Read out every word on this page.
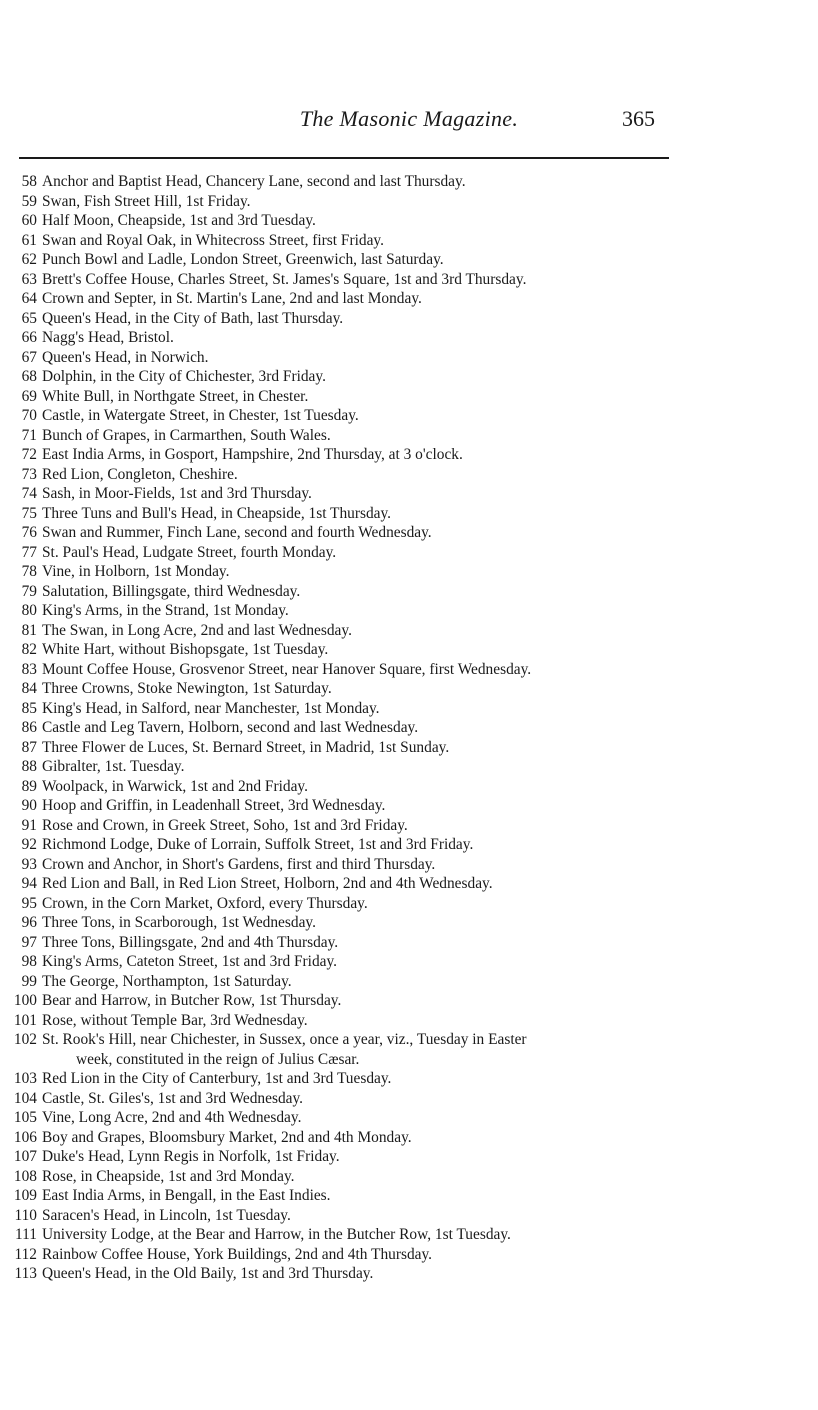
The Masonic Magazine.	365
58 Anchor and Baptist Head, Chancery Lane, second and last Thursday.
59 Swan, Fish Street Hill, 1st Friday.
60 Half Moon, Cheapside, 1st and 3rd Tuesday.
61 Swan and Royal Oak, in Whitecross Street, first Friday.
62 Punch Bowl and Ladle, London Street, Greenwich, last Saturday.
63 Brett's Coffee House, Charles Street, St. James's Square, 1st and 3rd Thursday.
64 Crown and Septer, in St. Martin's Lane, 2nd and last Monday.
65 Queen's Head, in the City of Bath, last Thursday.
66 Nagg's Head, Bristol.
67 Queen's Head, in Norwich.
68 Dolphin, in the City of Chichester, 3rd Friday.
69 White Bull, in Northgate Street, in Chester.
70 Castle, in Watergate Street, in Chester, 1st Tuesday.
71 Bunch of Grapes, in Carmarthen, South Wales.
72 East India Arms, in Gosport, Hampshire, 2nd Thursday, at 3 o'clock.
73 Red Lion, Congleton, Cheshire.
74 Sash, in Moor-Fields, 1st and 3rd Thursday.
75 Three Tuns and Bull's Head, in Cheapside, 1st Thursday.
76 Swan and Rummer, Finch Lane, second and fourth Wednesday.
77 St. Paul's Head, Ludgate Street, fourth Monday.
78 Vine, in Holborn, 1st Monday.
79 Salutation, Billingsgate, third Wednesday.
80 King's Arms, in the Strand, 1st Monday.
81 The Swan, in Long Acre, 2nd and last Wednesday.
82 White Hart, without Bishopsgate, 1st Tuesday.
83 Mount Coffee House, Grosvenor Street, near Hanover Square, first Wednesday.
84 Three Crowns, Stoke Newington, 1st Saturday.
85 King's Head, in Salford, near Manchester, 1st Monday.
86 Castle and Leg Tavern, Holborn, second and last Wednesday.
87 Three Flower de Luces, St. Bernard Street, in Madrid, 1st Sunday.
88 Gibralter, 1st. Tuesday.
89 Woolpack, in Warwick, 1st and 2nd Friday.
90 Hoop and Griffin, in Leadenhall Street, 3rd Wednesday.
91 Rose and Crown, in Greek Street, Soho, 1st and 3rd Friday.
92 Richmond Lodge, Duke of Lorrain, Suffolk Street, 1st and 3rd Friday.
93 Crown and Anchor, in Short's Gardens, first and third Thursday.
94 Red Lion and Ball, in Red Lion Street, Holborn, 2nd and 4th Wednesday.
95 Crown, in the Corn Market, Oxford, every Thursday.
96 Three Tons, in Scarborough, 1st Wednesday.
97 Three Tons, Billingsgate, 2nd and 4th Thursday.
98 King's Arms, Cateton Street, 1st and 3rd Friday.
99 The George, Northampton, 1st Saturday.
100 Bear and Harrow, in Butcher Row, 1st Thursday.
101 Rose, without Temple Bar, 3rd Wednesday.
102 St. Rook's Hill, near Chichester, in Sussex, once a year, viz., Tuesday in Easter
week, constituted in the reign of Julius Cæsar.
103 Red Lion in the City of Canterbury, 1st and 3rd Tuesday.
104 Castle, St. Giles's, 1st and 3rd Wednesday.
105 Vine, Long Acre, 2nd and 4th Wednesday.
106 Boy and Grapes, Bloomsbury Market, 2nd and 4th Monday.
107 Duke's Head, Lynn Regis in Norfolk, 1st Friday.
108 Rose, in Cheapside, 1st and 3rd Monday.
109 East India Arms, in Bengall, in the East Indies.
110 Saracen's Head, in Lincoln, 1st Tuesday.
111 University Lodge, at the Bear and Harrow, in the Butcher Row, 1st Tuesday.
112 Rainbow Coffee House, York Buildings, 2nd and 4th Thursday.
113 Queen's Head, in the Old Baily, 1st and 3rd Thursday.
